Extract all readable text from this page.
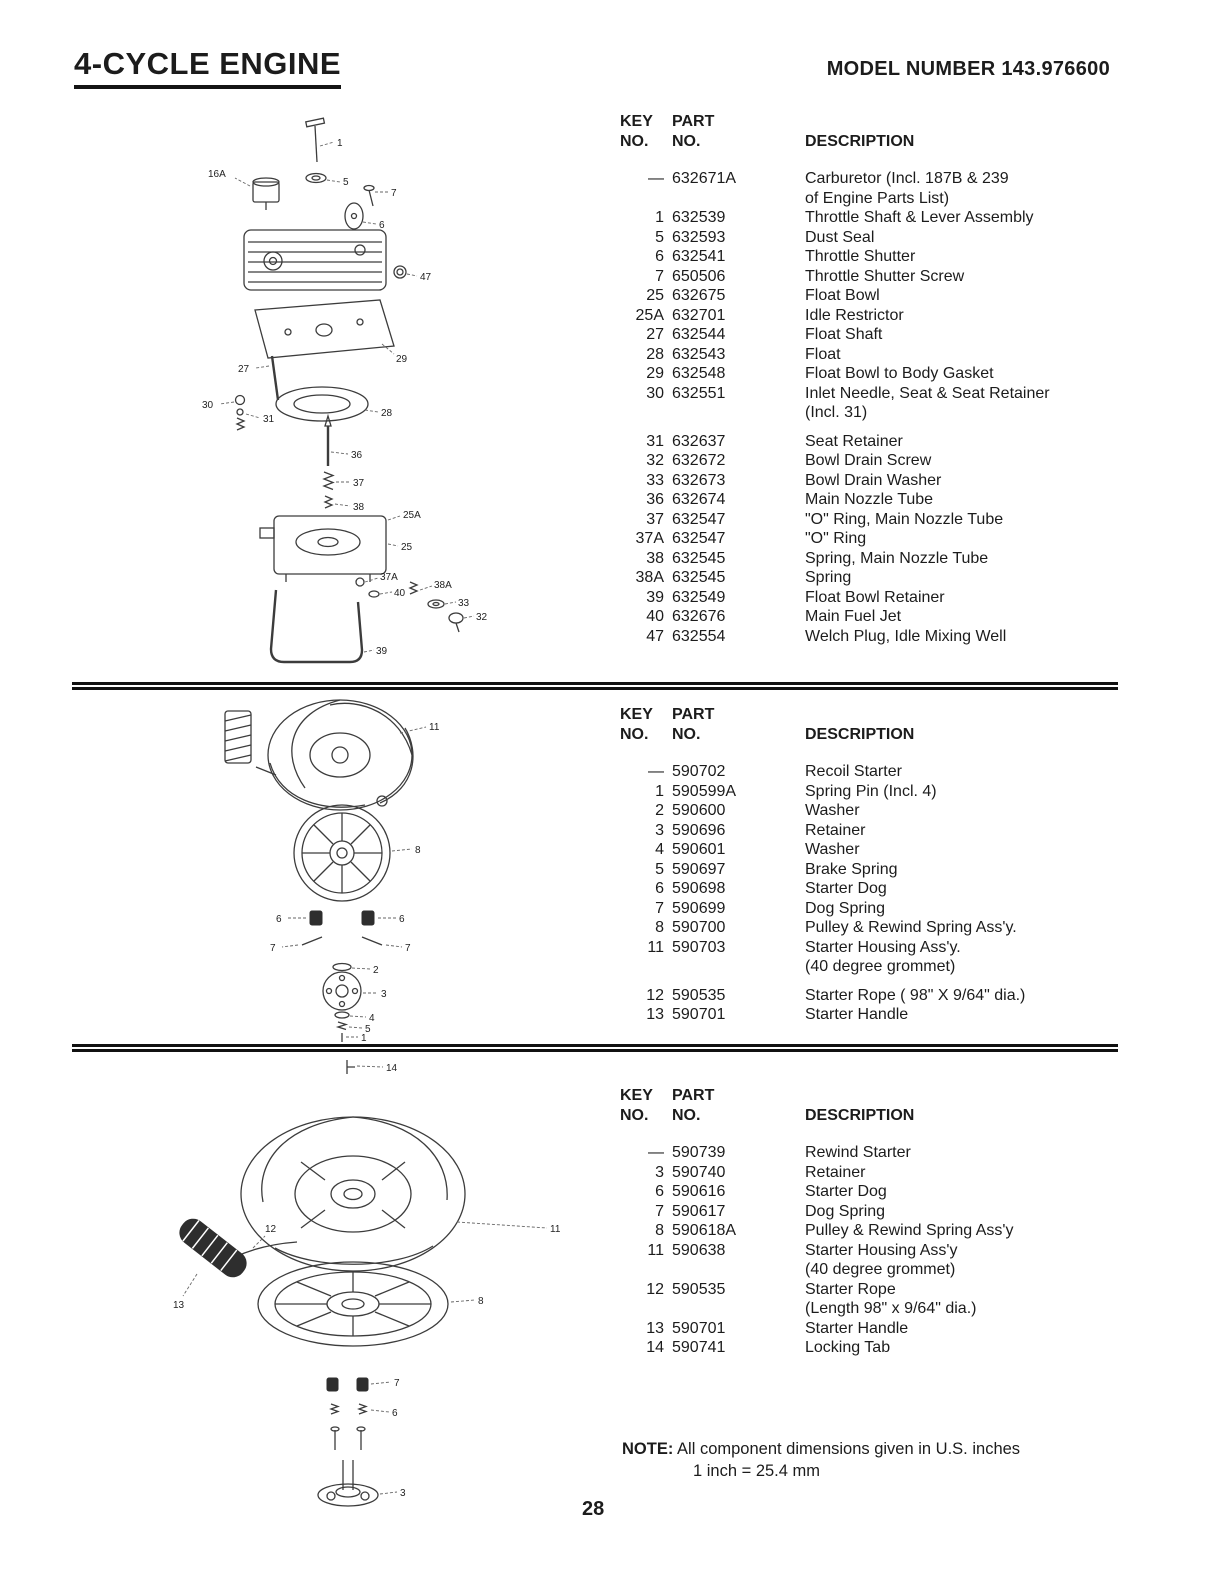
4-CYCLE ENGINE	MODEL NUMBER 143.976600
1
5
16A
7
6
47
29
27
30
31
28
36
37
38
25A
25
37A
40
38A
33
32
39
KEY	PART
NO.	NO.	DESCRIPTION
— 632671A	Carburetor (Incl. 187B & 239
of Engine Parts List)
1 632539	Throttle Shaft & Lever Assembly
5 632593	Dust Seal
6 632541	Throttle Shutter
7 650506	Throttle Shutter Screw
25 632675	Float Bowl
25A 632701	Idle Restrictor
27 632544	Float Shaft
28 632543	Float
29 632548	Float Bowl to Body Gasket
30 632551	Inlet Needle, Seat & Seat Retainer
(Incl. 31)
31 632637	Seat Retainer
32 632672	Bowl Drain Screw
33 632673	Bowl Drain Washer
36 632674	Main Nozzle Tube
37 632547	"O" Ring, Main Nozzle Tube
37A 632547	"O" Ring
38 632545	Spring, Main Nozzle Tube
38A 632545	Spring
39 632549	Float Bowl Retainer
40 632676	Main Fuel Jet
47 632554	Welch Plug, Idle Mixing Well
11
8
6	6
7	7
2
3
4
5
1
KEY	PART
NO.	NO.	DESCRIPTION
— 590702	Recoil Starter
1 590599A	Spring Pin (Incl. 4)
2 590600	Washer
3 590696	Retainer
4 590601	Washer
5 590697	Brake Spring
6 590698	Starter Dog
7 590699	Dog Spring
8 590700	Pulley & Rewind Spring Ass'y.
11 590703	Starter Housing Ass'y.
(40 degree grommet)
12 590535	Starter Rope ( 98" X 9/64" dia.)
13 590701	Starter Handle
14
11
12
13	8
7
6
3
KEY	PART
NO.	NO.	DESCRIPTION
— 590739	Rewind Starter
3 590740	Retainer
6 590616	Starter Dog
7 590617	Dog Spring
8 590618A	Pulley & Rewind Spring Ass'y
11 590638	Starter Housing Ass'y
(40 degree grommet)
12 590535	Starter Rope
(Length 98" x 9/64" dia.)
13 590701	Starter Handle
14 590741	Locking Tab
NOTE: All component dimensions given in U.S. inches
1 inch = 25.4 mm
28
